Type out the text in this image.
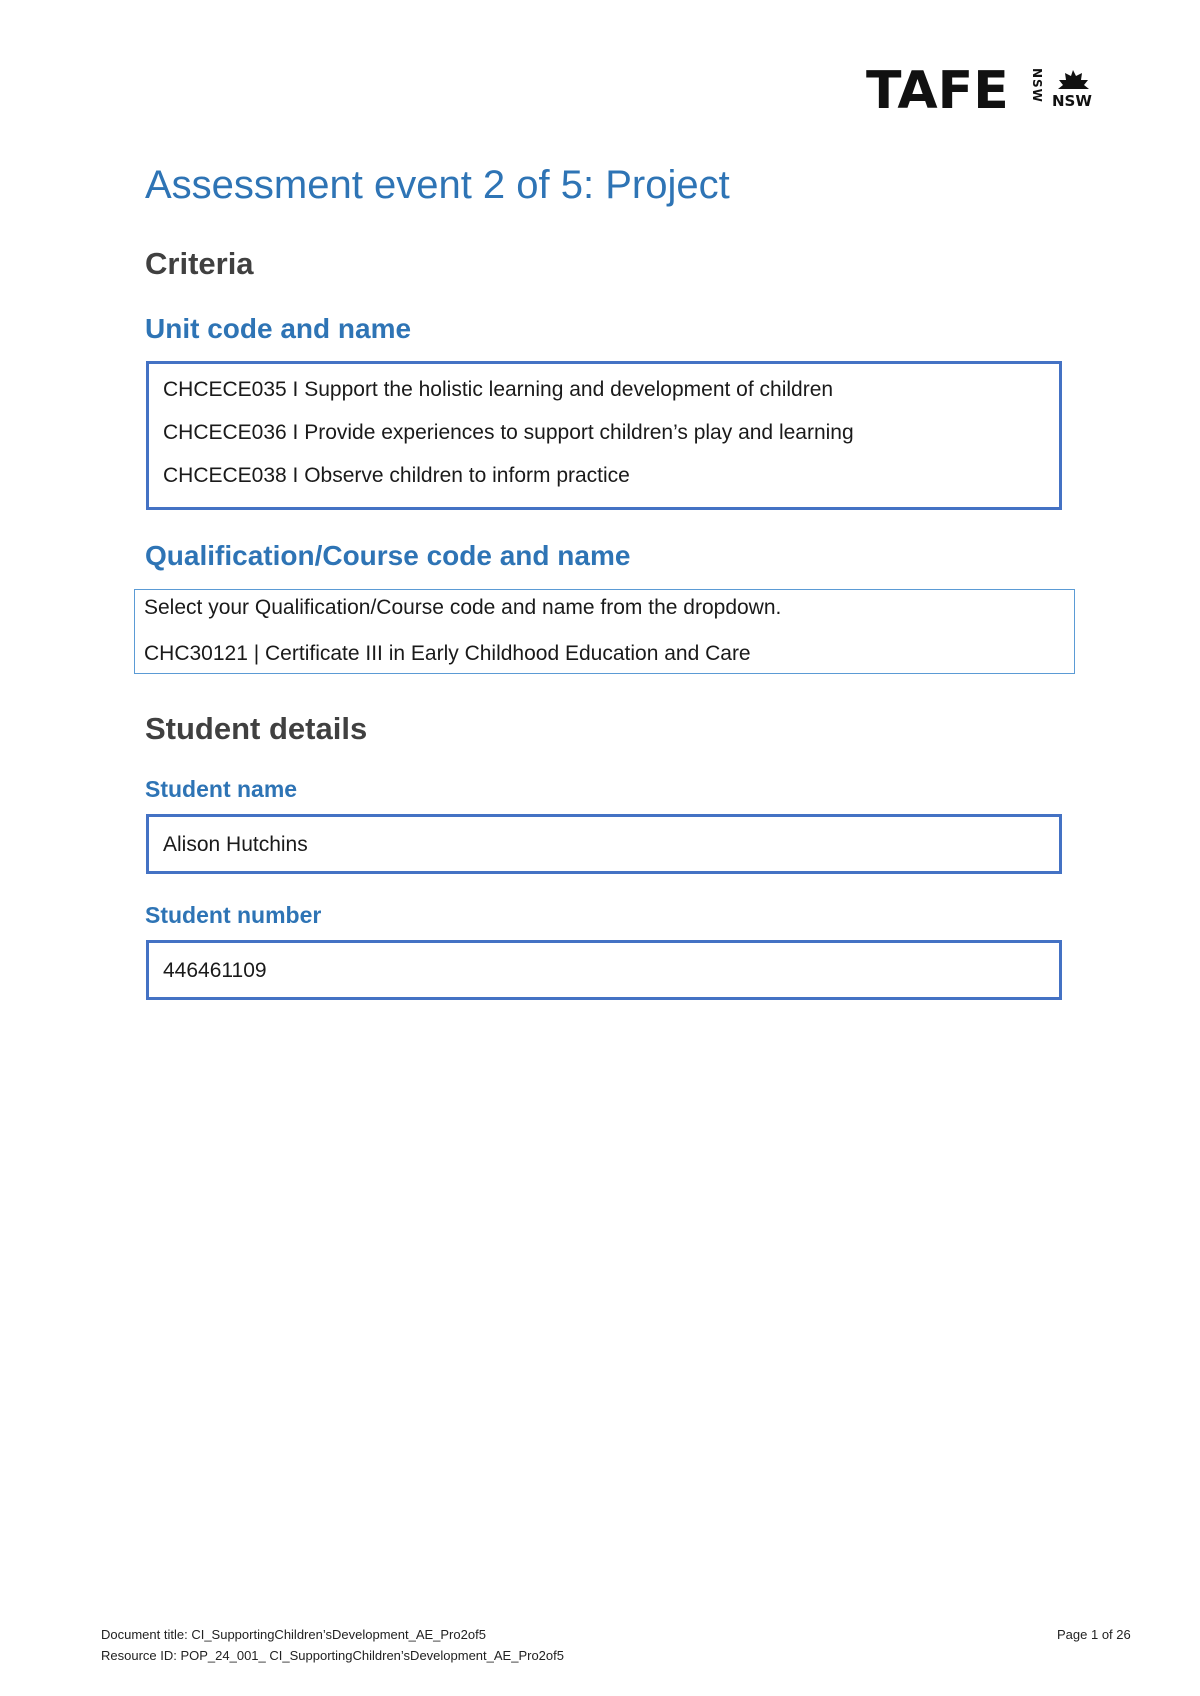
TAFE NSW NSW
Assessment event 2 of 5: Project
Criteria
Unit code and name

CHCECE035 I Support the holistic learning and development of children

CHCECE036 I Provide experiences to support children’s play and learning

CHCECE038 I Observe children to inform practice

Qualification/Course code and name

Select your Qualification/Course code and name from the dropdown.

CHC30121 | Certificate III in Early Childhood Education and Care

Student details
Student name

Alison Hutchins

Student number

446461109

Document title: CI_SupportingChildren’sDevelopment_AE_Pro2of5
Resource ID: POP_24_001_ CI_SupportingChildren’sDevelopment_AE_Pro2of5
Page 1 of 26
